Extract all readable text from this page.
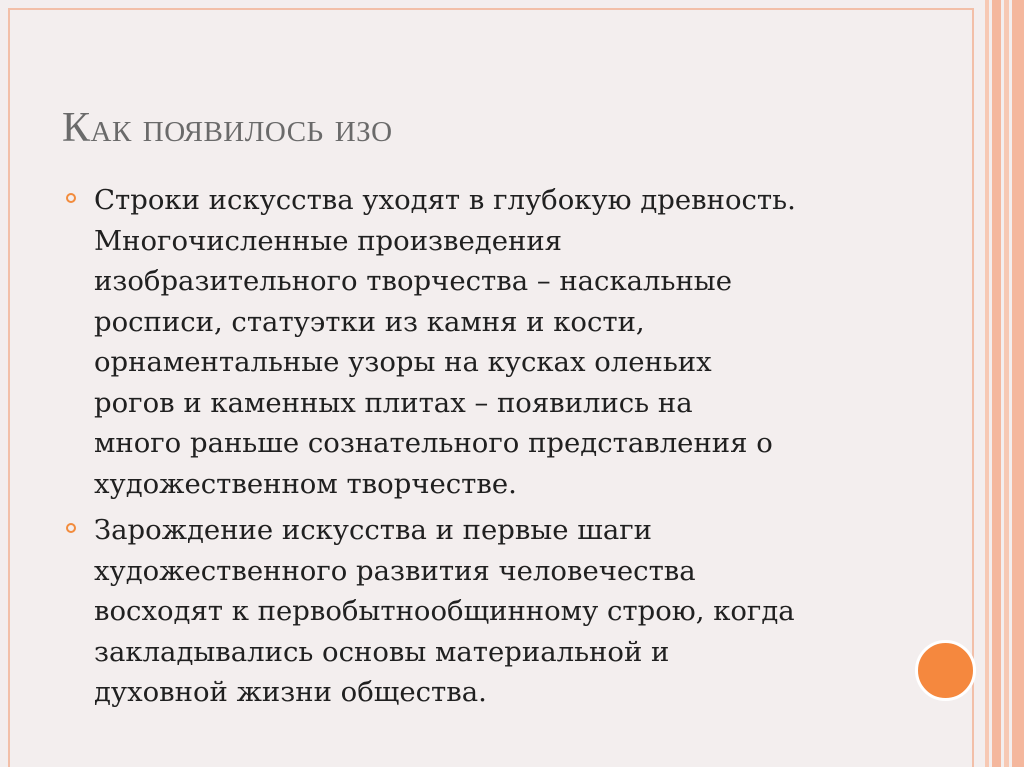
Как появилось изо
Строки искусства уходят в глубокую древность.
Многочисленные произведения
изобразительного творчества – наскальные
росписи, статуэтки из камня и кости,
орнаментальные узоры на кусках оленьих
рогов и каменных плитах – появились на
много раньше сознательного представления о
художественном творчестве.
Зарождение искусства и первые шаги
художественного развития человечества
восходят к первобытнообщинному строю, когда
закладывались основы материальной и
духовной жизни общества.
